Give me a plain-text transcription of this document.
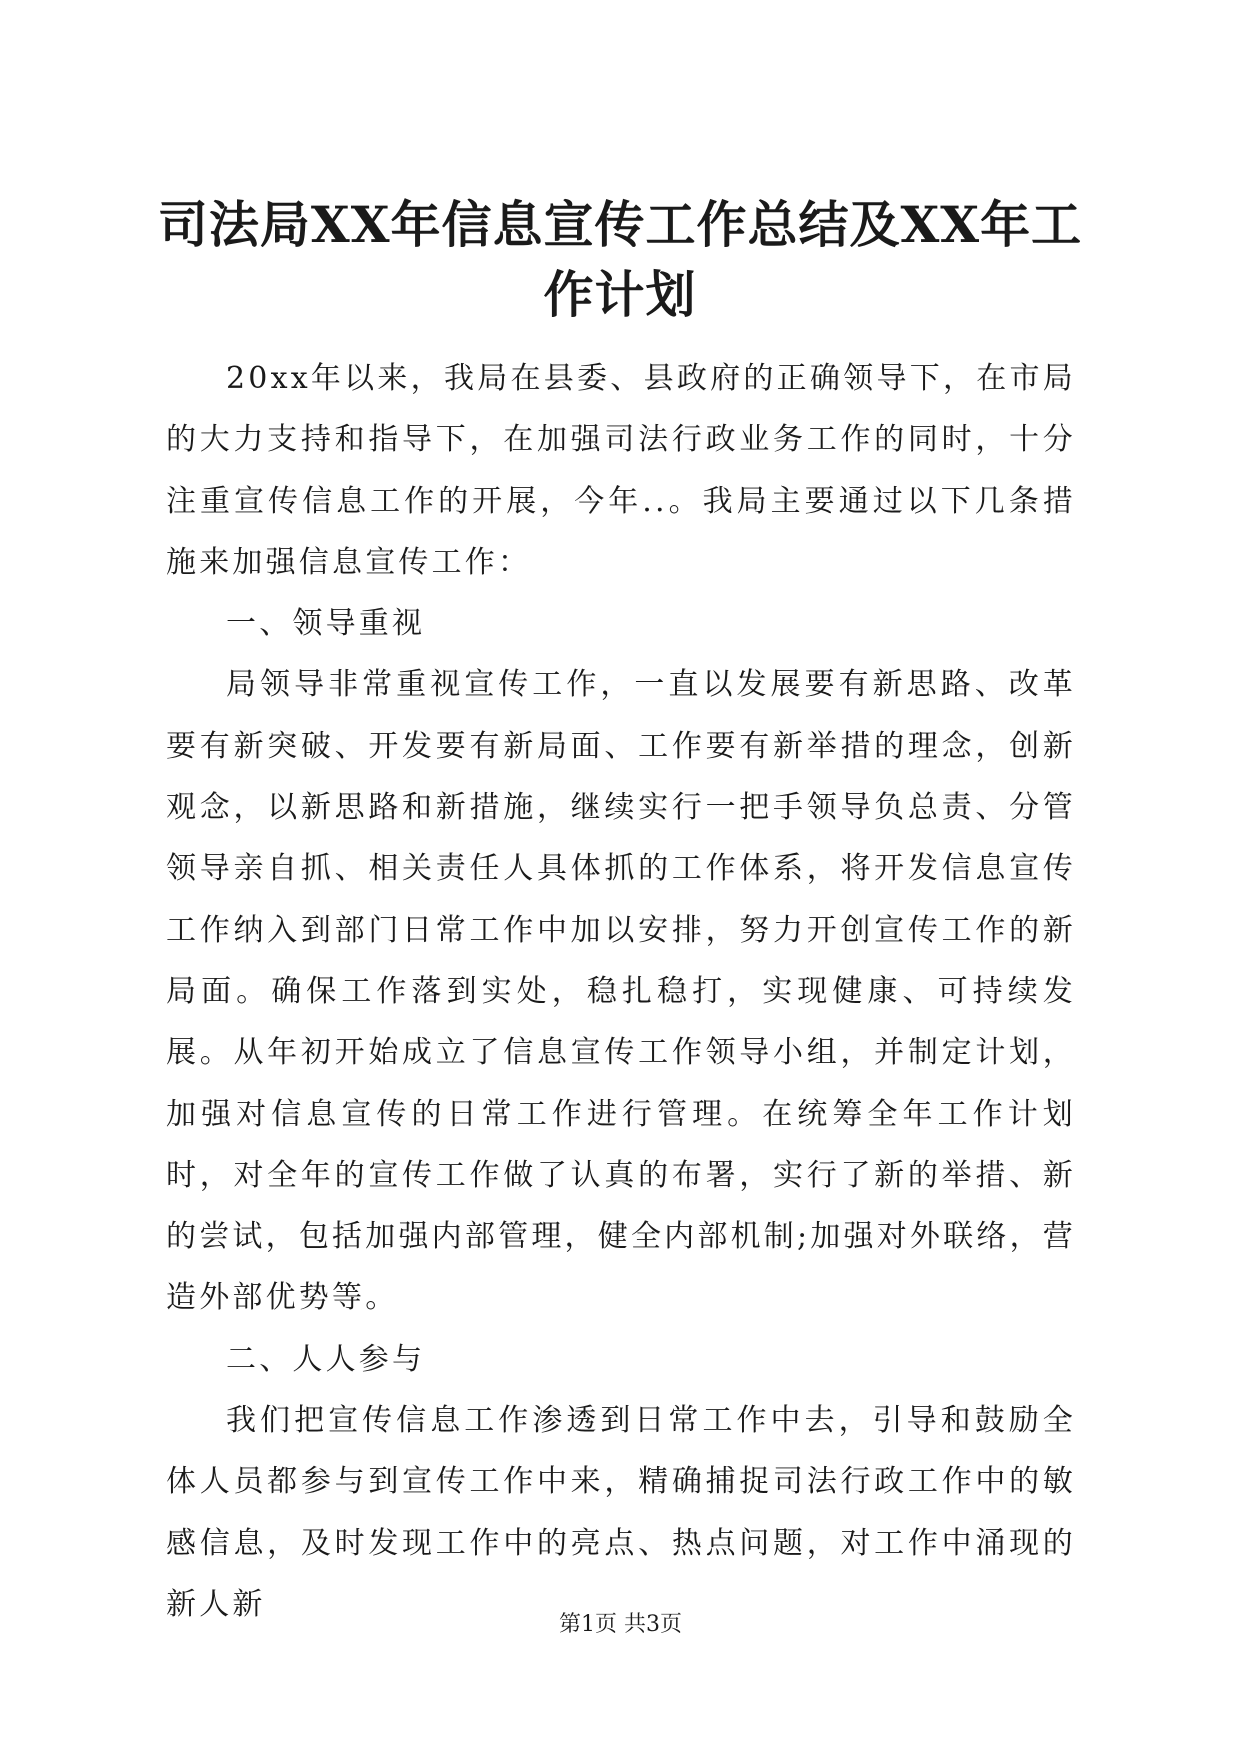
司法局XX年信息宣传工作总结及XX年工作计划

20xx年以来，我局在县委、县政府的正确领导下，在市局的大力支持和指导下，在加强司法行政业务工作的同时，十分注重宣传信息工作的开展，今年..。我局主要通过以下几条措施来加强信息宣传工作：

一、领导重视

局领导非常重视宣传工作，一直以发展要有新思路、改革要有新突破、开发要有新局面、工作要有新举措的理念，创新观念，以新思路和新措施，继续实行一把手领导负总责、分管领导亲自抓、相关责任人具体抓的工作体系，将开发信息宣传工作纳入到部门日常工作中加以安排，努力开创宣传工作的新局面。确保工作落到实处，稳扎稳打，实现健康、可持续发展。从年初开始成立了信息宣传工作领导小组，并制定计划，加强对信息宣传的日常工作进行管理。在统筹全年工作计划时，对全年的宣传工作做了认真的布署，实行了新的举措、新的尝试，包括加强内部管理，健全内部机制;加强对外联络，营造外部优势等。

二、人人参与

我们把宣传信息工作渗透到日常工作中去，引导和鼓励全体人员都参与到宣传工作中来，精确捕捉司法行政工作中的敏感信息，及时发现工作中的亮点、热点问题，对工作中涌现的新人新

第1页 共3页
